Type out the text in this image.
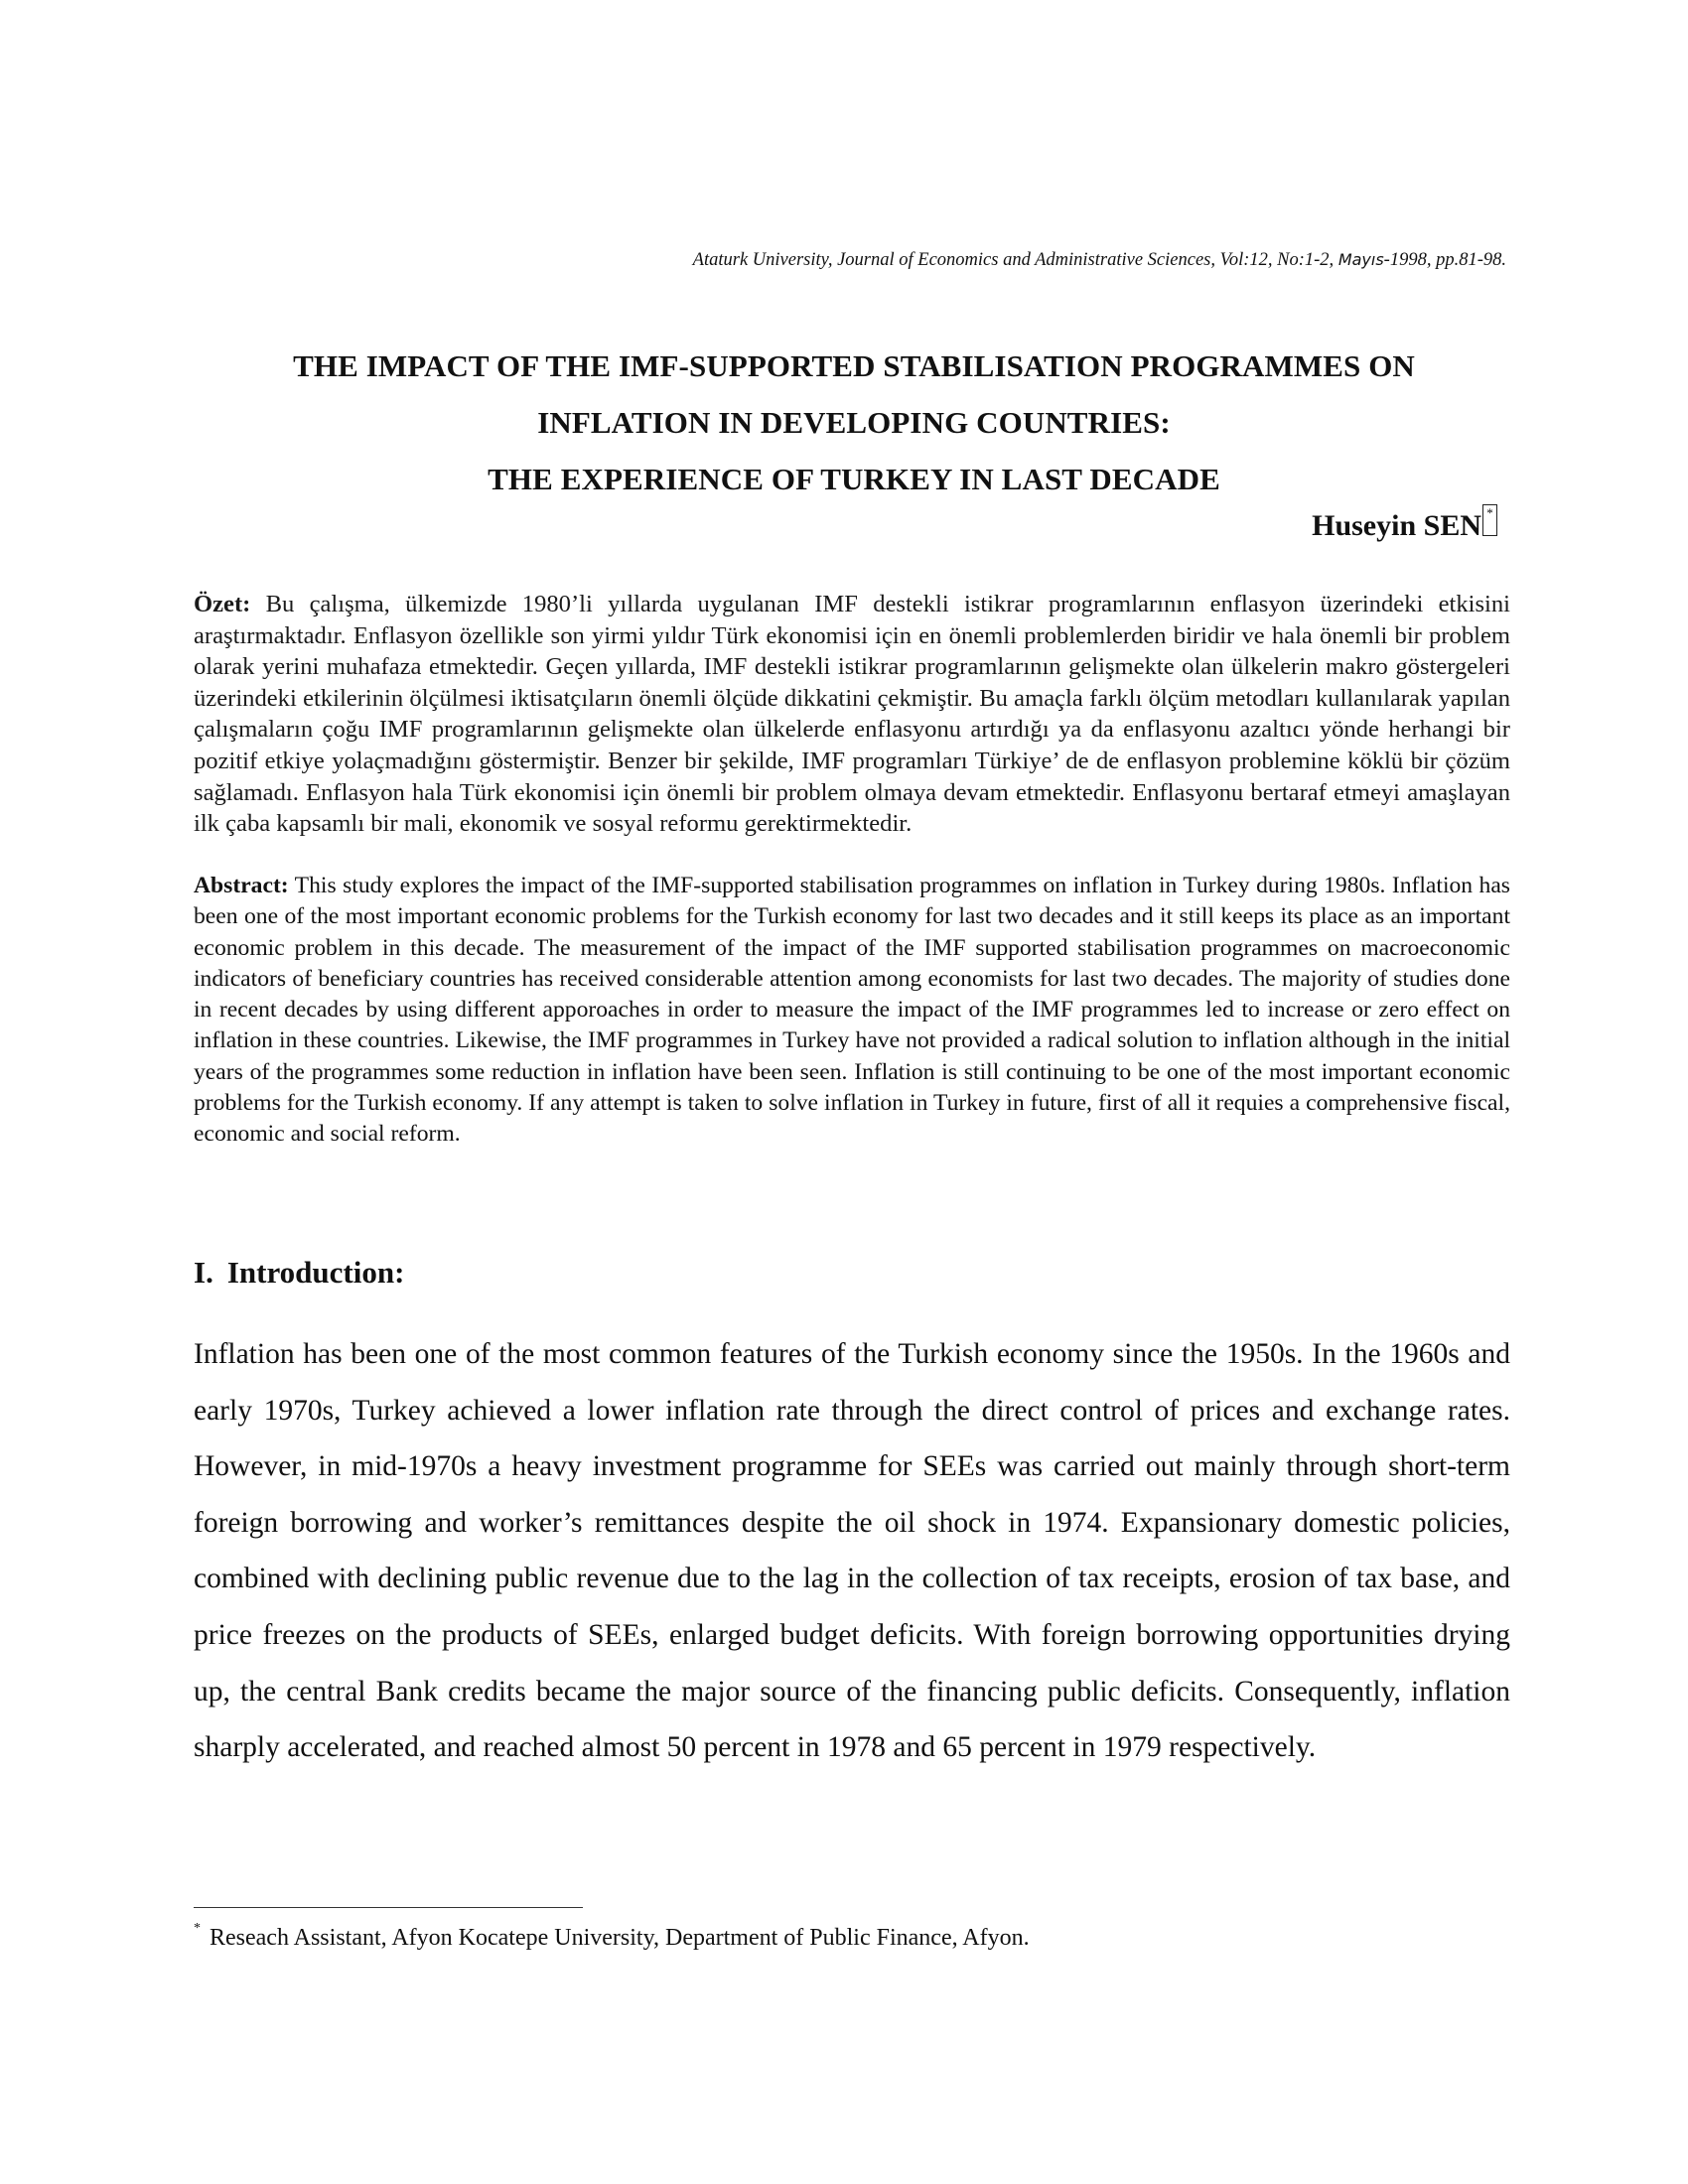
Ataturk University, Journal of Economics and Administrative Sciences, Vol:12, No:1-2, Mayıs-1998, pp.81-98.
THE IMPACT OF THE IMF-SUPPORTED STABILISATION PROGRAMMES ON
INFLATION IN DEVELOPING COUNTRIES:
THE EXPERIENCE OF TURKEY IN LAST DECADE
Huseyin SEN *
Özet: Bu çalışma, ülkemizde 1980’li yıllarda uygulanan IMF destekli istikrar programlarının enflasyon üzerindeki etkisini araştırmaktadır. Enflasyon özellikle son yirmi yıldır Türk ekonomisi için en önemli problemlerden biridir ve hala önemli bir problem olarak yerini muhafaza etmektedir. Geçen yıllarda, IMF destekli istikrar programlarının gelişmekte olan ülkelerin makro göstergeleri üzerindeki etkilerinin ölçülmesi iktisatçıların önemli ölçüde dikkatini çekmiştir. Bu amaçla farklı ölçüm metodları kullanılarak yapılan çalışmaların çoğu IMF programlarının gelişmekte olan ülkelerde enflasyonu artırdığı ya da enflasyonu azaltıcı yönde herhangi bir pozitif etkiye yolaçmadığını göstermiştir. Benzer bir şekilde, IMF programları Türkiye’ de de enflasyon problemine köklü bir çözüm sağlamadı. Enflasyon hala Türk ekonomisi için önemli bir problem olmaya devam etmektedir. Enflasyonu bertaraf etmeyi amaşlayan ilk çaba kapsamlı bir mali, ekonomik ve sosyal reformu gerektirmektedir.
Abstract: This study explores the impact of the IMF-supported stabilisation programmes on inflation in Turkey during 1980s. Inflation has been one of the most important economic problems for the Turkish economy for last two decades and it still keeps its place as an important economic problem in this decade. The measurement of the impact of the IMF supported stabilisation programmes on macroeconomic indicators of beneficiary countries has received considerable attention among economists for last two decades. The majority of studies done in recent decades by using different apporoaches in order to measure the impact of the IMF programmes led to increase or zero effect on inflation in these countries. Likewise, the IMF programmes in Turkey have not provided a radical solution to inflation although in the initial years of the programmes some reduction in inflation have been seen. Inflation is still continuing to be one of the most important economic problems for the Turkish economy. If any attempt is taken to solve inflation in Turkey in future, first of all it requies a comprehensive fiscal, economic and social reform.
I. Introduction:
Inflation has been one of the most common features of the Turkish economy since the 1950s. In the 1960s and early 1970s, Turkey achieved a lower inflation rate through the direct control of prices and exchange rates. However, in mid-1970s a heavy investment programme for SEEs was carried out mainly through short-term foreign borrowing and worker’s remittances despite the oil shock in 1974. Expansionary domestic policies, combined with declining public revenue due to the lag in the collection of tax receipts, erosion of tax base, and price freezes on the products of SEEs, enlarged budget deficits. With foreign borrowing opportunities drying up, the central Bank credits became the major source of the financing public deficits. Consequently, inflation sharply accelerated, and reached almost 50 percent in 1978 and 65 percent in 1979 respectively.
* Reseach Assistant, Afyon Kocatepe University, Department of Public Finance, Afyon.
